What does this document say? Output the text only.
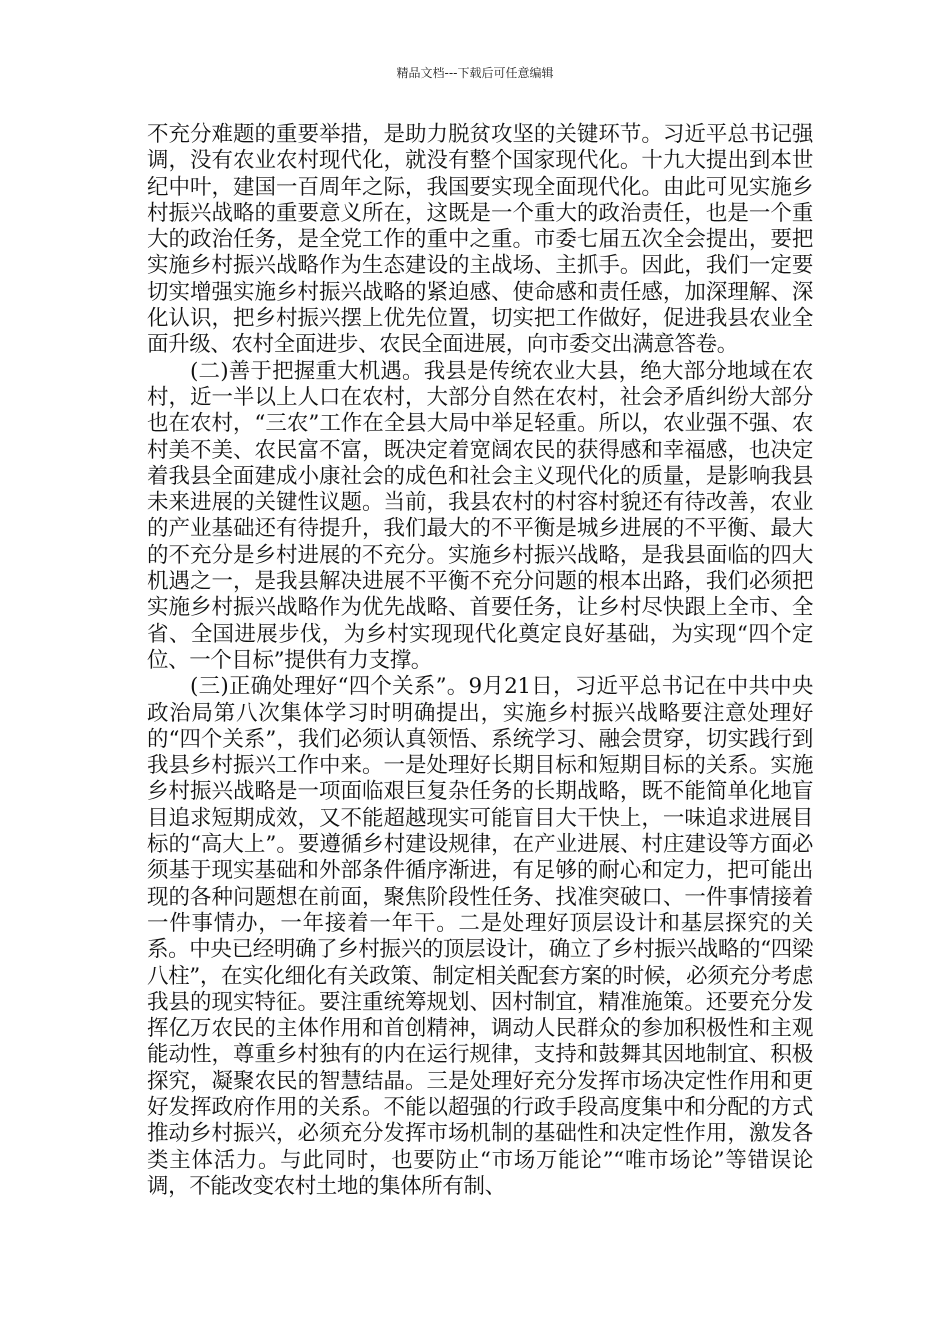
精品文档---下载后可任意编辑

不充分难题的重要举措，是助力脱贫攻坚的关键环节。习近平总书记强调，没有农业农村现代化，就没有整个国家现代化。十九大提出到本世纪中叶，建国一百周年之际，我国要实现全面现代化。由此可见实施乡村振兴战略的重要意义所在，这既是一个重大的政治责任，也是一个重大的政治任务，是全党工作的重中之重。市委七届五次全会提出，要把实施乡村振兴战略作为生态建设的主战场、主抓手。因此，我们一定要切实增强实施乡村振兴战略的紧迫感、使命感和责任感，加深理解、深化认识，把乡村振兴摆上优先位置，切实把工作做好，促进我县农业全面升级、农村全面进步、农民全面进展，向市委交出满意答卷。

(二)善于把握重大机遇。我县是传统农业大县，绝大部分地域在农村，近一半以上人口在农村，大部分自然在农村，社会矛盾纠纷大部分也在农村，“三农”工作在全县大局中举足轻重。所以，农业强不强、农村美不美、农民富不富，既决定着宽阔农民的获得感和幸福感，也决定着我县全面建成小康社会的成色和社会主义现代化的质量，是影响我县未来进展的关键性议题。当前，我县农村的村容村貌还有待改善，农业的产业基础还有待提升，我们最大的不平衡是城乡进展的不平衡、最大的不充分是乡村进展的不充分。实施乡村振兴战略，是我县面临的四大机遇之一，是我县解决进展不平衡不充分问题的根本出路，我们必须把实施乡村振兴战略作为优先战略、首要任务，让乡村尽快跟上全市、全省、全国进展步伐，为乡村实现现代化奠定良好基础，为实现“四个定位、一个目标”提供有力支撑。

(三)正确处理好“四个关系”。9月21日，习近平总书记在中共中央政治局第八次集体学习时明确提出，实施乡村振兴战略要注意处理好的“四个关系”，我们必须认真领悟、系统学习、融会贯穿，切实践行到我县乡村振兴工作中来。一是处理好长期目标和短期目标的关系。实施乡村振兴战略是一项面临艰巨复杂任务的长期战略，既不能简单化地盲目追求短期成效，又不能超越现实可能盲目大干快上，一味追求进展目标的“高大上”。要遵循乡村建设规律，在产业进展、村庄建设等方面必须基于现实基础和外部条件循序渐进，有足够的耐心和定力，把可能出现的各种问题想在前面，聚焦阶段性任务、找准突破口、一件事情接着一件事情办，一年接着一年干。二是处理好顶层设计和基层探究的关系。中央已经明确了乡村振兴的顶层设计，确立了乡村振兴战略的“四梁八柱”，在实化细化有关政策、制定相关配套方案的时候，必须充分考虑我县的现实特征。要注重统筹规划、因村制宜，精准施策。还要充分发挥亿万农民的主体作用和首创精神，调动人民群众的参加积极性和主观能动性，尊重乡村独有的内在运行规律，支持和鼓舞其因地制宜、积极探究，凝聚农民的智慧结晶。三是处理好充分发挥市场决定性作用和更好发挥政府作用的关系。不能以超强的行政手段高度集中和分配的方式推动乡村振兴，必须充分发挥市场机制的基础性和决定性作用，激发各类主体活力。与此同时，也要防止“市场万能论”“唯市场论”等错误论调，不能改变农村土地的集体所有制、
